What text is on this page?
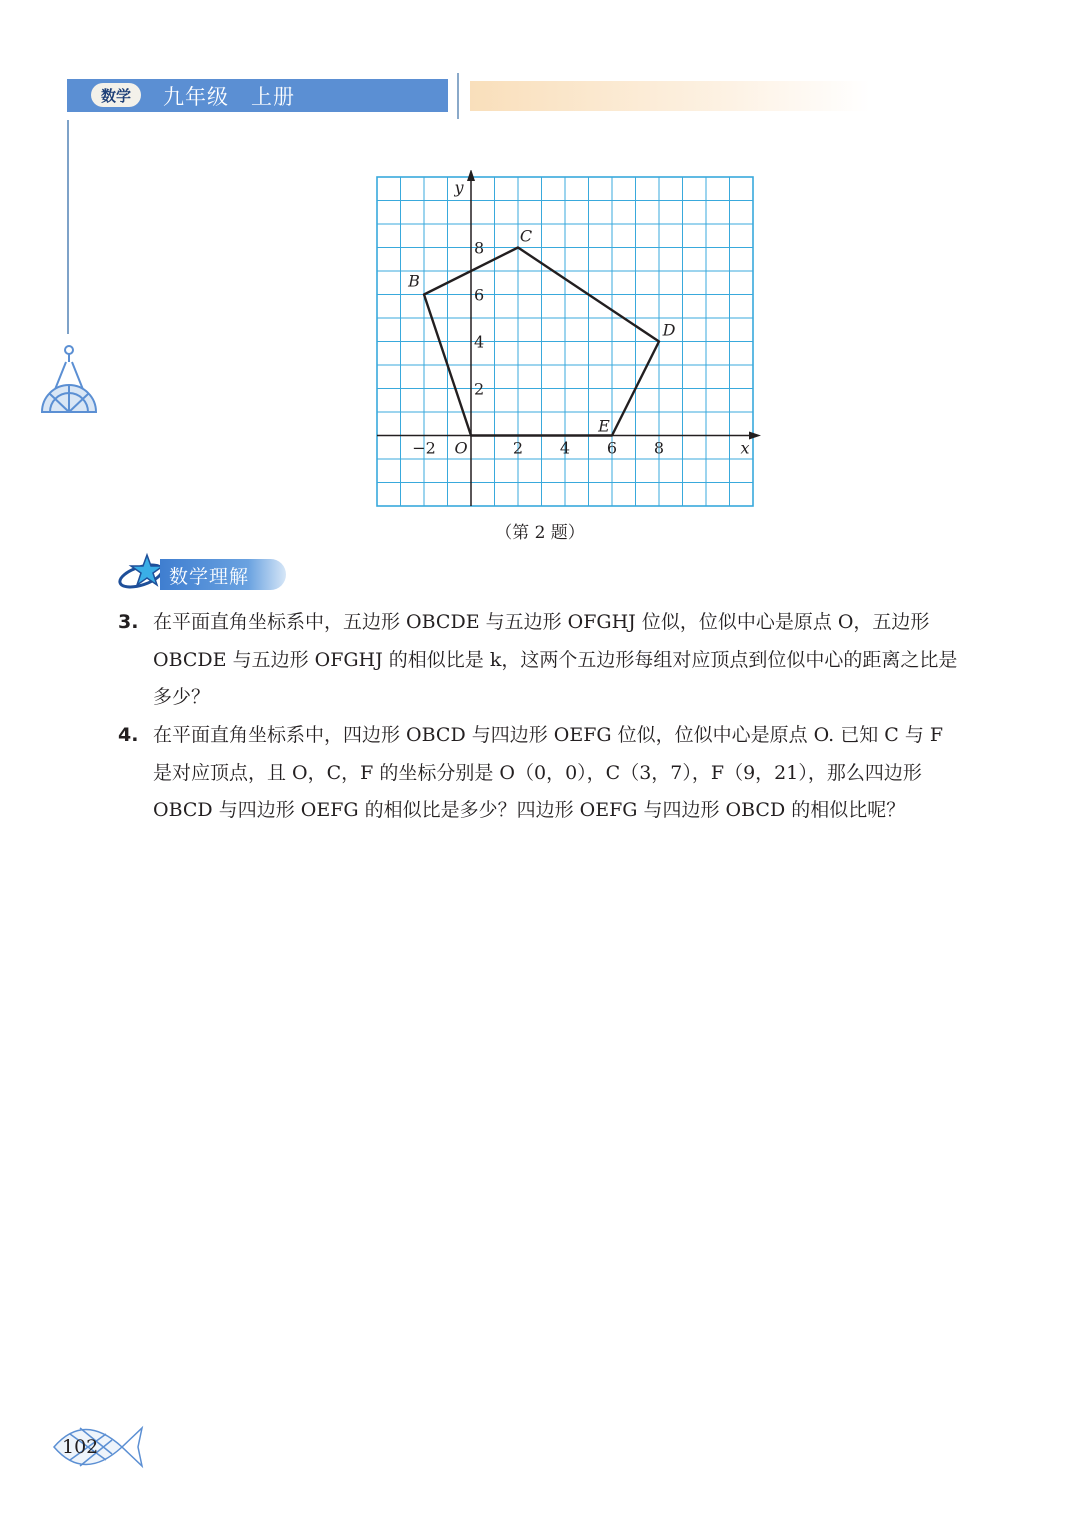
数学	九年级　上册
−2	2 4 6 8
2
4
6
8
x
y
O
B
C
D
E
（第 2 题）
数学理解
3. 在平面直角坐标系中，五边形 OBCDE 与五边形 OFGHJ 位似，位似中心是原点 O，五边形 OBCDE 与五边形 OFGHJ 的相似比是 k，这两个五边形每组对应顶点到位似中心的距离之比是多少？
4. 在平面直角坐标系中，四边形 OBCD 与四边形 OEFG 位似，位似中心是原点 O. 已知 C 与 F 是对应顶点，且 O，C，F 的坐标分别是 O（0，0），C（3，7），F（9，21），那么四边形 OBCD 与四边形 OEFG 的相似比是多少？四边形 OEFG 与四边形 OBCD 的相似比呢？
102
